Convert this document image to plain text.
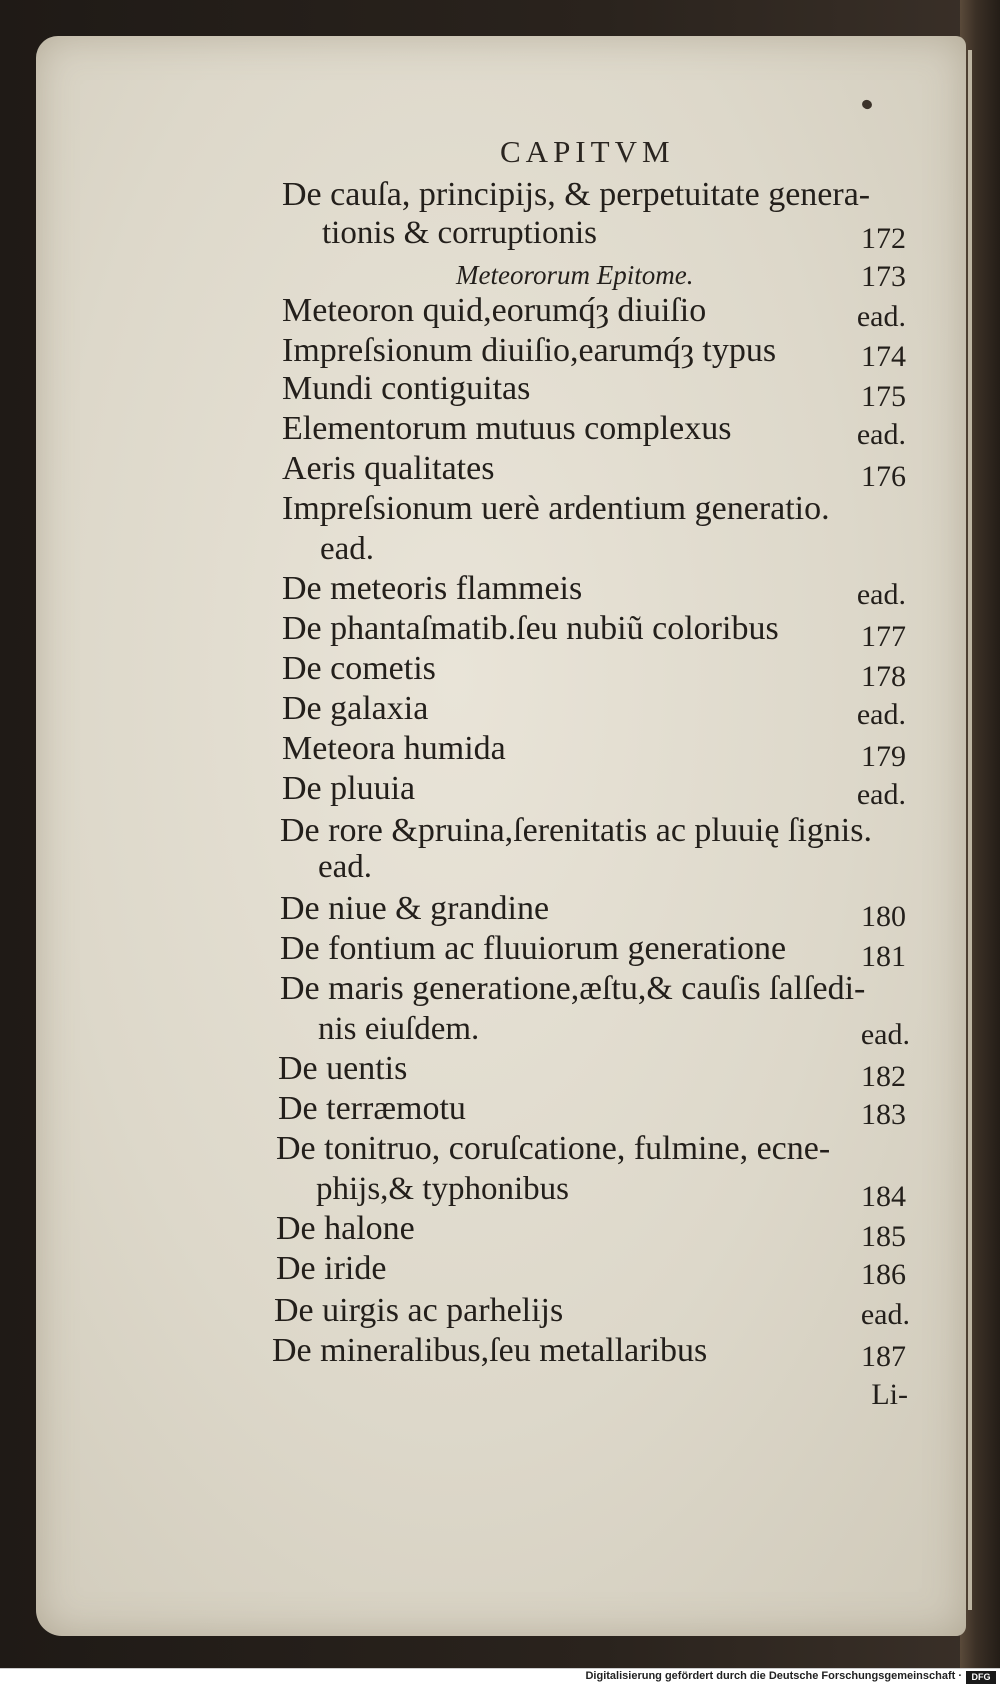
CAPITVM
De cauſa, principijs, & perpetuitate genera-
tionis & corruptionis	172
Meteororum Epitome.	173
Meteoron quid,eorumq́ȝ diuiſio	ead.
Impreſsionum diuiſio,earumq́ȝ typus	174
Mundi contiguitas	175
Elementorum mutuus complexus	ead.
Aeris qualitates	176
Impreſsionum uerè ardentium generatio.
ead.
De meteoris flammeis	ead.
De phantaſmatib.ſeu nubiũ coloribus	177
De cometis	178
De galaxia	ead.
Meteora humida	179
De pluuia	ead.
De rore &pruina,ſerenitatis ac pluuię ſignis.
ead.
De niue & grandine	180
De fontium ac fluuiorum generatione	181
De maris generatione,æſtu,& cauſis ſalſedi-
nis eiuſdem.	ead.
De uentis	182
De terræmotu	183
De tonitruo, coruſcatione, fulmine, ecne-
phijs,& typhonibus	184
De halone	185
De iride	186
De uirgis ac parhelijs	ead.
De mineralibus,ſeu metallaribus	187
Li-
Digitalisierung gefördert durch die Deutsche Forschungsgemeinschaft ·	DFG
